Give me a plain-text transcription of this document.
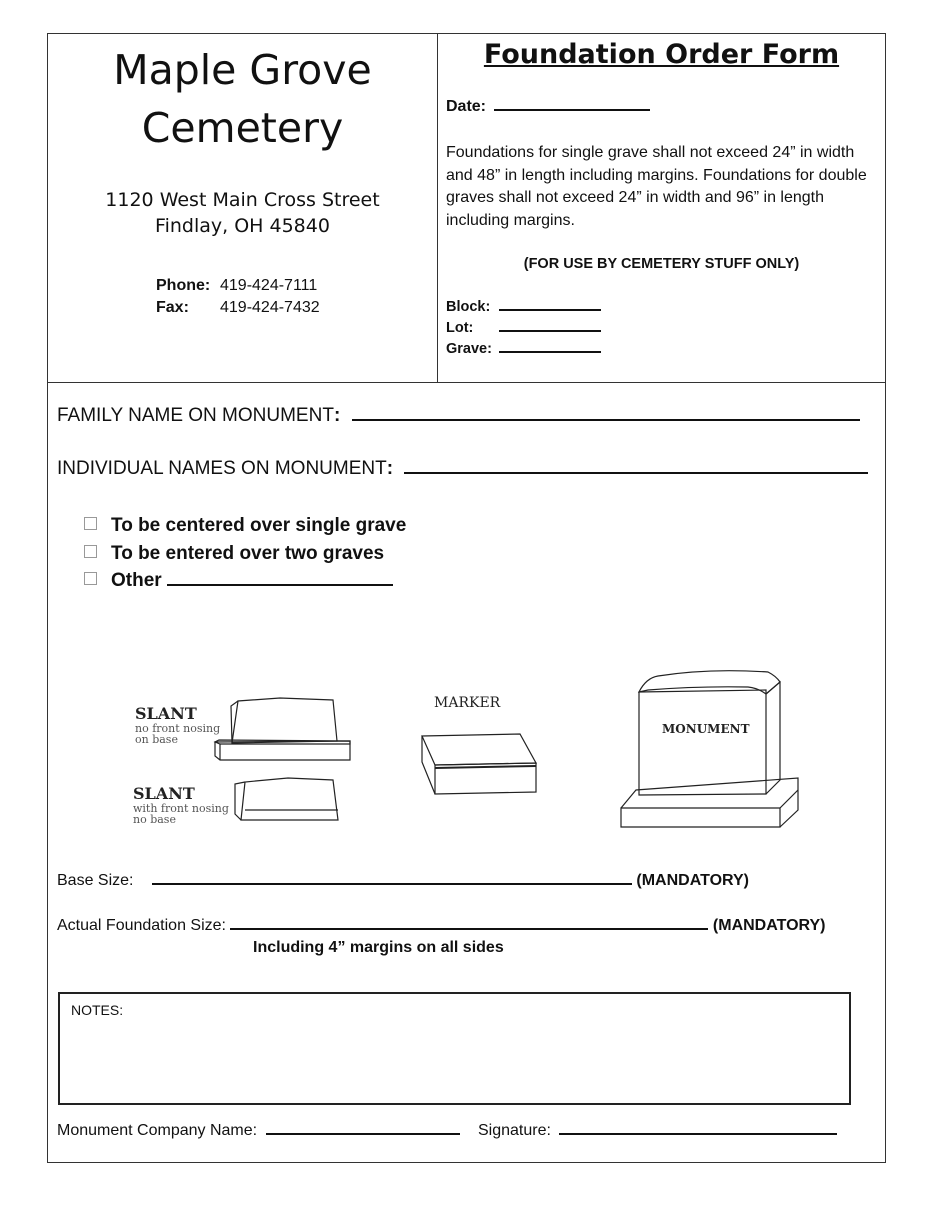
Maple Grove
Cemetery
1120 West Main Cross Street
Findlay, OH 45840
Phone: 419-424-7111
Fax: 419-424-7432
Foundation Order Form
Date:
Foundations for single grave shall not exceed 24” in width and 48” in length including margins. Foundations for double graves shall not exceed 24” in width and 96” in length including margins.
(FOR USE BY CEMETERY STUFF ONLY)
Block:
Lot:
Grave:
FAMILY NAME ON MONUMENT:
INDIVIDUAL NAMES ON MONUMENT:
To be centered over single grave
To be entered over two graves
Other
SLANT
no front nosing
on base
SLANT
with front nosing
no base
MARKER
MONUMENT
Base Size:	(MANDATORY)
Actual Foundation Size:	(MANDATORY)
Including 4” margins on all sides
NOTES:
Monument Company Name:	Signature:
